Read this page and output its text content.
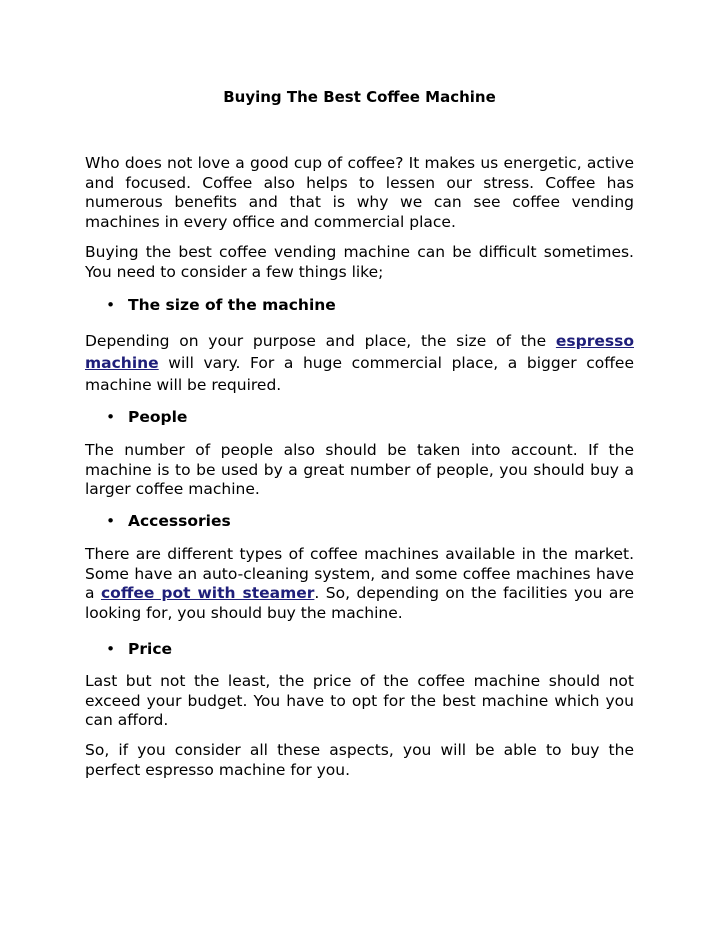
Buying The Best Coffee Machine

Who does not love a good cup of coffee? It makes us energetic, active and focused. Coffee also helps to lessen our stress. Coffee has numerous benefits and that is why we can see coffee vending machines in every office and commercial place.

Buying the best coffee vending machine can be difficult sometimes. You need to consider a few things like;

• The size of the machine

Depending on your purpose and place, the size of the espresso machine will vary. For a huge commercial place, a bigger coffee machine will be required.

• People

The number of people also should be taken into account. If the machine is to be used by a great number of people, you should buy a larger coffee machine.

• Accessories

There are different types of coffee machines available in the market. Some have an auto-cleaning system, and some coffee machines have a coffee pot with steamer. So, depending on the facilities you are looking for, you should buy the machine.

• Price

Last but not the least, the price of the coffee machine should not exceed your budget. You have to opt for the best machine which you can afford.

So, if you consider all these aspects, you will be able to buy the perfect espresso machine for you.
